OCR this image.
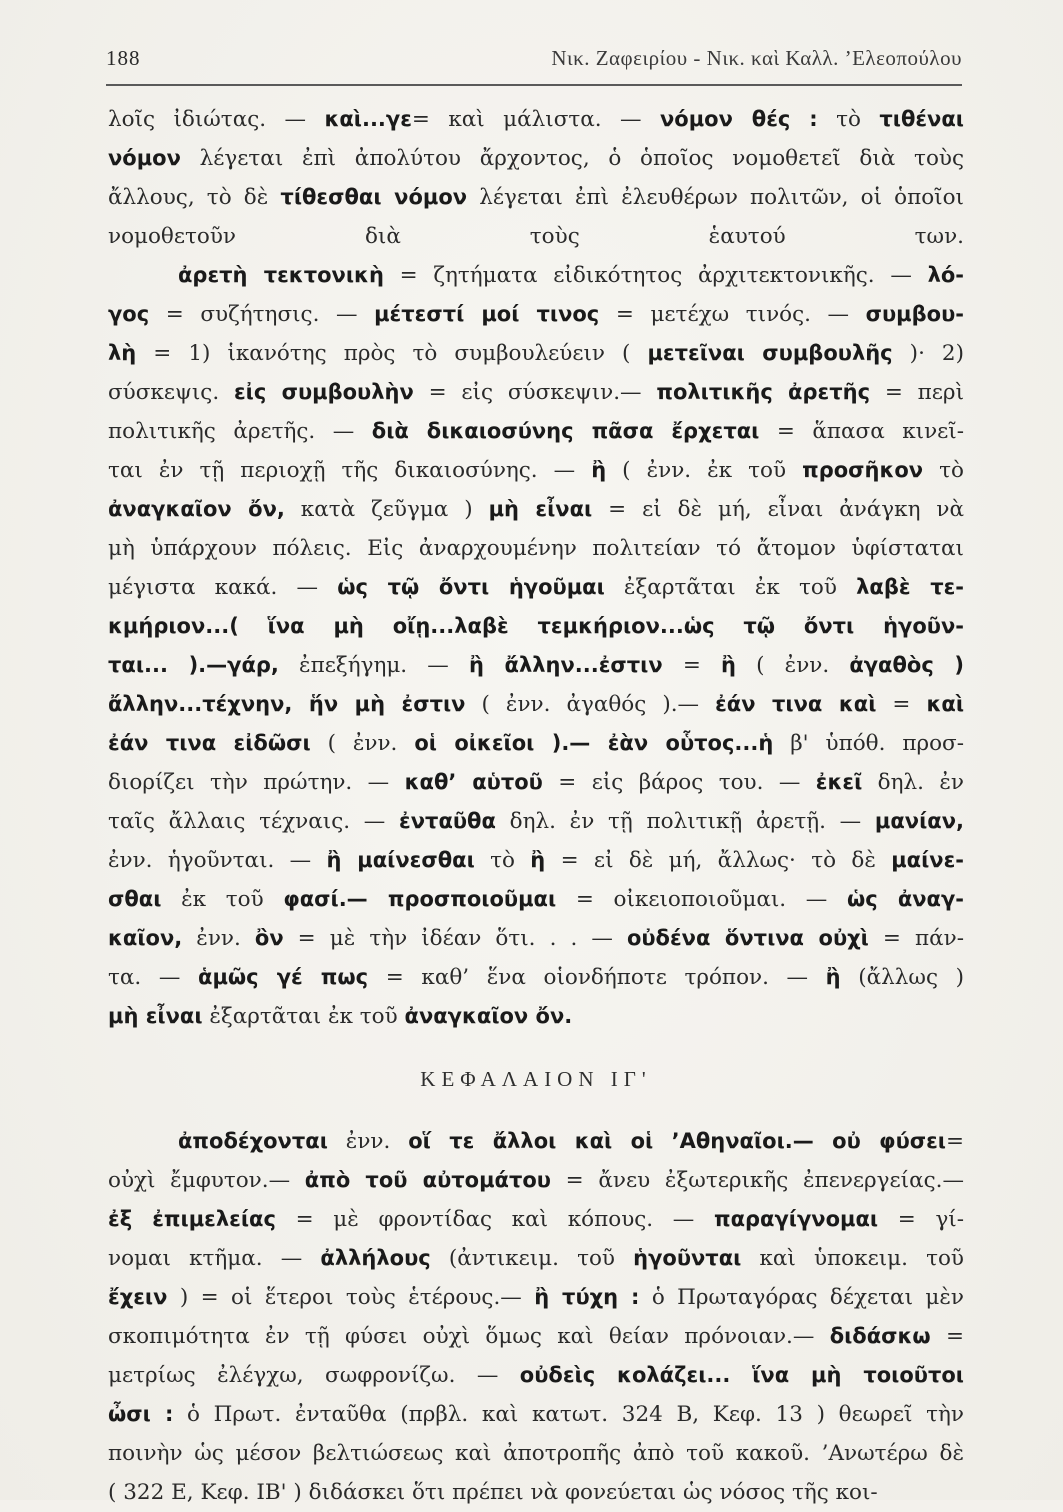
188	Νικ. Ζαφειρίου - Νικ. καὶ Καλλ. ’Ελεοπούλου
λοῖς ἰδιώτας. — καὶ...γε= καὶ μάλιστα. — νόμον θές : τὸ τιθέναι
νόμον λέγεται ἐπὶ ἀπολύτου ἄρχοντος, ὁ ὁποῖος νομοθετεῖ διὰ τοὺς
ἄλλους, τὸ δὲ τίθεσθαι νόμον λέγεται ἐπὶ ἐλευθέρων πολιτῶν, οἱ ὁποῖοι
νομοθετοῦν διὰ τοὺς ἑαυτού των.
ἀρετὴ τεκτονικὴ = ζητήματα εἰδικότητος ἀρχιτεκτονικῆς. — λό-
γος = συζήτησις. — μέτεστί μοί τινος = μετέχω τινός. — συμβου-
λὴ = 1) ἱκανότης πρὸς τὸ συμβουλεύειν ( μετεῖναι συμβουλῆς )· 2)
σύσκεψις. εἰς συμβουλὴν = εἰς σύσκεψιν.— πολιτικῆς ἀρετῆς = περὶ
πολιτικῆς ἀρετῆς. — διὰ δικαιοσύνης πᾶσα ἔρχεται = ἅπασα κινεῖ-
ται ἐν τῇ περιοχῇ τῆς δικαιοσύνης. — ἢ ( ἐνν. ἐκ τοῦ προσῆκον τὸ
ἀναγκαῖον ὄν, κατὰ ζεῦγμα ) μὴ εἶναι = εἰ δὲ μή, εἶναι ἀνάγκη νὰ
μὴ ὑπάρχουν πόλεις. Εἰς ἀναρχουμένην πολιτείαν τό ἄτομον ὑφίσταται
μέγιστα κακά. — ὡς τῷ ὄντι ἡγοῦμαι ἐξαρτᾶται ἐκ τοῦ λαβὲ τε-
κμήριον...( ἵνα μὴ οἴῃ...λαβὲ τεμκήριον...ὡς τῷ ὄντι ἡγοῦν-
ται... ).—γάρ, ἐπεξήγημ. — ἢ ἄλλην...ἐστιν = ἢ ( ἐνν. ἀγαθὸς )
ἄλλην...τέχνην, ἥν μὴ ἐστιν ( ἐνν. ἀγαθός ).— ἐάν τινα καὶ = καὶ
ἐάν τινα εἰδῶσι ( ἐνν. οἱ οἰκεῖοι ).— ἐὰν οὗτος...ἡ β' ὑπόθ. προσ-
διορίζει τὴν πρώτην. — καθ’ αὑτοῦ = εἰς βάρος του. — ἐκεῖ δηλ. ἐν
ταῖς ἄλλαις τέχναις. — ἐνταῦθα δηλ. ἐν τῇ πολιτικῇ ἀρετῇ. — μανίαν,
ἐνν. ἡγοῦνται. — ἢ μαίνεσθαι τὸ ἢ = εἰ δὲ μή, ἄλλως· τὸ δὲ μαίνε-
σθαι ἐκ τοῦ φασί.— προσποιοῦμαι = οἰκειοποιοῦμαι. — ὡς ἀναγ-
καῖον, ἐνν. ὂν = μὲ τὴν ἰδέαν ὅτι. . . — οὐδένα ὅντινα οὐχὶ = πάν-
τα. — ἁμῶς γέ πως = καθ’ ἕνα οἱονδήποτε τρόπον. — ἢ (ἄλλως )
μὴ εἶναι ἐξαρτᾶται ἐκ τοῦ ἀναγκαῖον ὄν.
ΚΕΦΑΛΑΙΟΝ ΙΓ'
ἀποδέχονται ἐνν. οἵ τε ἄλλοι καὶ οἱ ’Αθηναῖοι.— οὐ φύσει=
οὐχὶ ἔμφυτον.— ἀπὸ τοῦ αὐτομάτου = ἄνευ ἐξωτερικῆς ἐπενεργείας.—
ἐξ ἐπιμελείας = μὲ φροντίδας καὶ κόπους. — παραγίγνομαι = γί-
νομαι κτῆμα. — ἀλλήλους (ἀντικειμ. τοῦ ἡγοῦνται καὶ ὑποκειμ. τοῦ
ἔχειν ) = οἱ ἕτεροι τοὺς ἑτέρους.— ἢ τύχη : ὁ Πρωταγόρας δέχεται μὲν
σκοπιμότητα ἐν τῇ φύσει οὐχὶ ὅμως καὶ θείαν πρόνοιαν.— διδάσκω =
μετρίως ἐλέγχω, σωφρονίζω. — οὐδεὶς κολάζει... ἵνα μὴ τοιοῦτοι
ὦσι : ὁ Πρωτ. ἐνταῦθα (πρβλ. καὶ κατωτ. 324 Β, Κεφ. 13 ) θεωρεῖ τὴν
ποινὴν ὡς μέσον βελτιώσεως καὶ ἀποτροπῆς ἀπὸ τοῦ κακοῦ. ’Ανωτέρω δὲ
( 322 Ε, Κεφ. ΙΒ' ) διδάσκει ὅτι πρέπει νὰ φονεύεται ὡς νόσος τῆς κοι-
